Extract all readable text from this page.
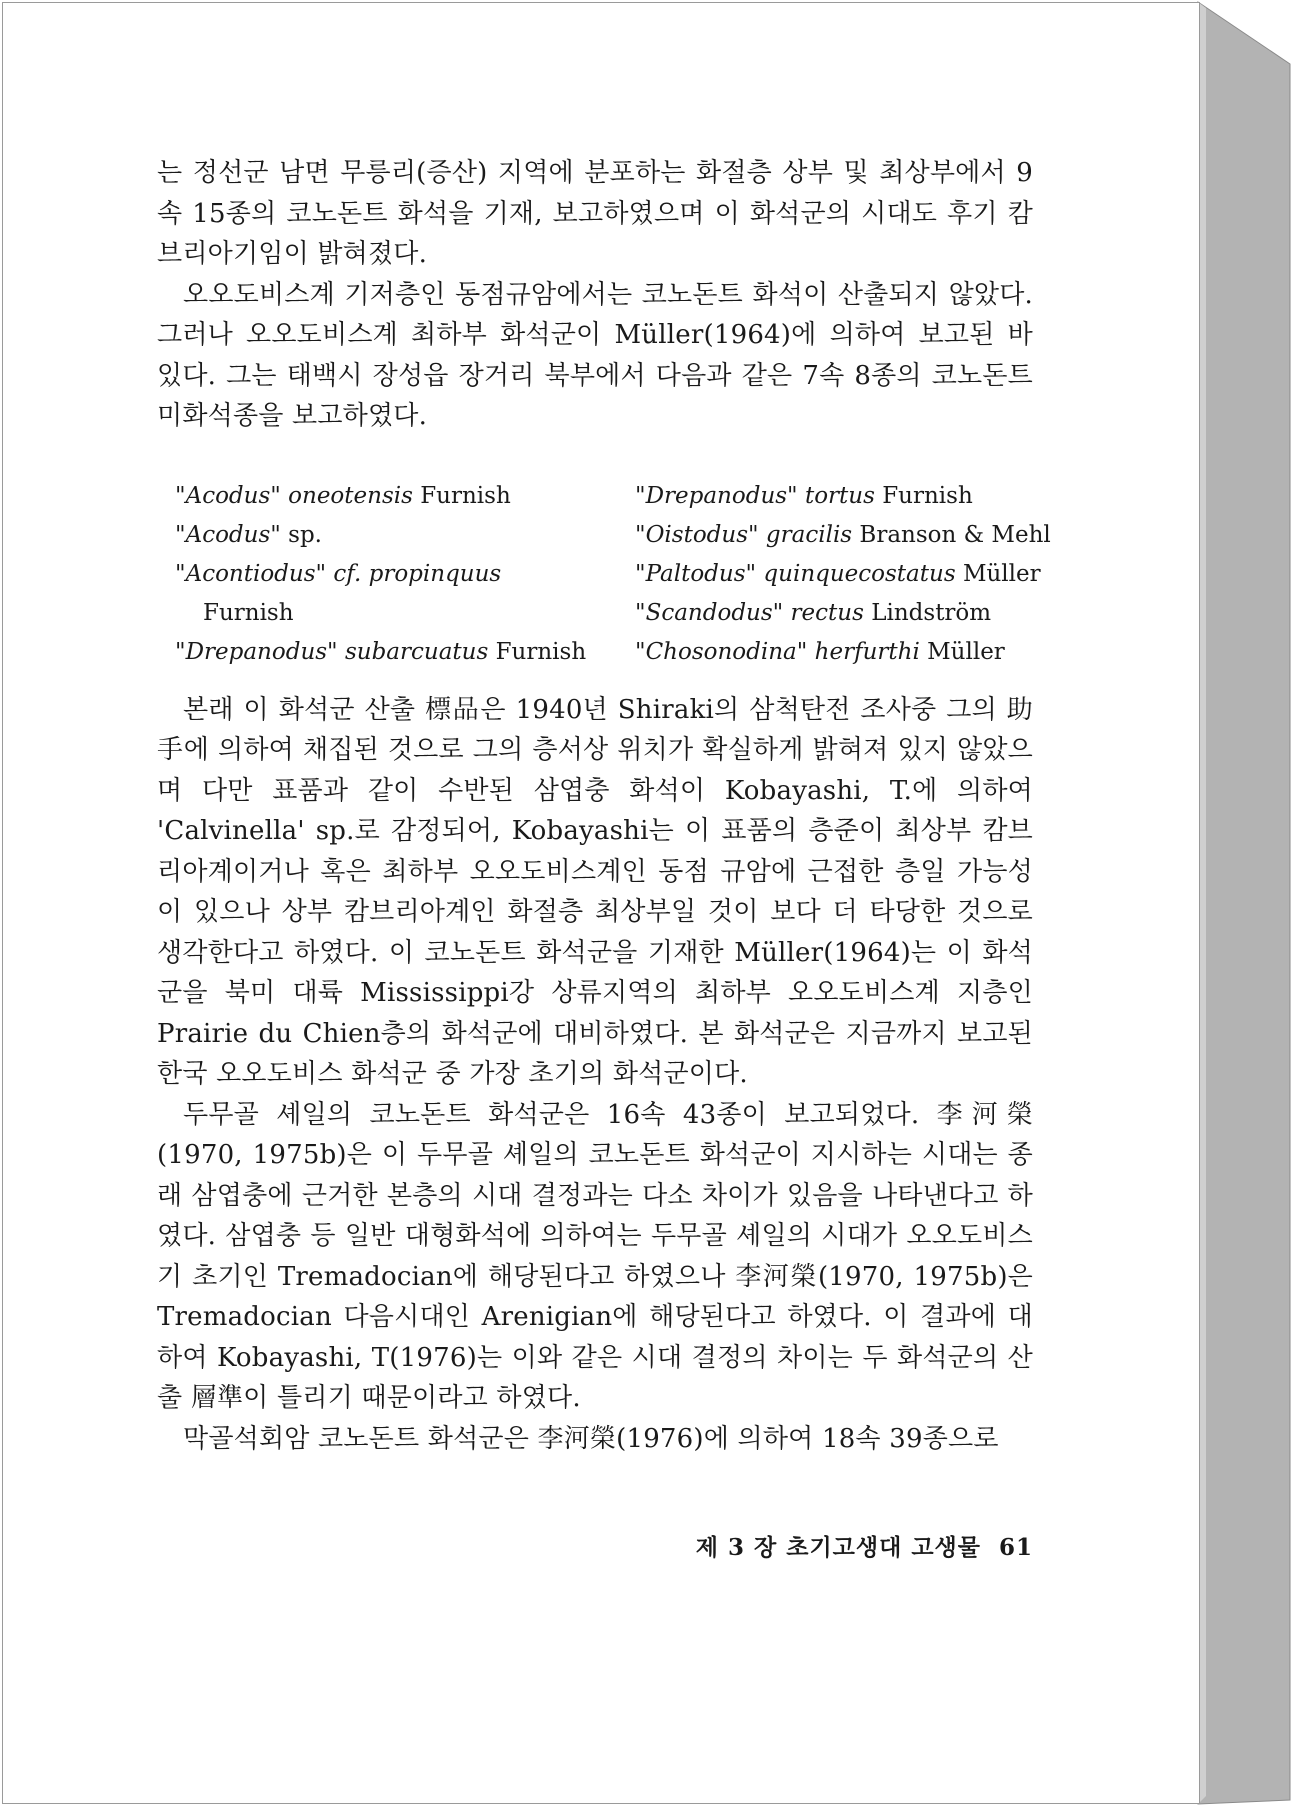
는 정선군 남면 무릉리(증산) 지역에 분포하는 화절층 상부 및 최상부에서 9속 15종의 코노돈트 화석을 기재, 보고하였으며 이 화석군의 시대도 후기 캄브리아기임이 밝혀졌다.

오오도비스계 기저층인 동점규암에서는 코노돈트 화석이 산출되지 않았다. 그러나 오오도비스계 최하부 화석군이 Müller(1964)에 의하여 보고된 바 있다. 그는 태백시 장성읍 장거리 북부에서 다음과 같은 7속 8종의 코노돈트 미화석종을 보고하였다.

"Acodus" oneotensis Furnish
"Acodus" sp.
"Acontiodus" cf. propinquus
Furnish
"Drepanodus" subarcuatus Furnish
"Drepanodus" tortus Furnish
"Oistodus" gracilis Branson & Mehl
"Paltodus" quinquecostatus Müller
"Scandodus" rectus Lindström
"Chosonodina" herfurthi Müller

본래 이 화석군 산출 標品은 1940년 Shiraki의 삼척탄전 조사중 그의 助手에 의하여 채집된 것으로 그의 층서상 위치가 확실하게 밝혀져 있지 않았으며 다만 표품과 같이 수반된 삼엽충 화석이 Kobayashi, T.에 의하여 'Calvinella' sp.로 감정되어, Kobayashi는 이 표품의 층준이 최상부 캄브리아계이거나 혹은 최하부 오오도비스계인 동점 규암에 근접한 층일 가능성이 있으나 상부 캄브리아계인 화절층 최상부일 것이 보다 더 타당한 것으로 생각한다고 하였다. 이 코노돈트 화석군을 기재한 Müller(1964)는 이 화석군을 북미 대륙 Mississippi강 상류지역의 최하부 오오도비스계 지층인 Prairie du Chien층의 화석군에 대비하였다. 본 화석군은 지금까지 보고된 한국 오오도비스 화석군 중 가장 초기의 화석군이다.

두무골 셰일의 코노돈트 화석군은 16속 43종이 보고되었다. 李河榮(1970, 1975b)은 이 두무골 셰일의 코노돈트 화석군이 지시하는 시대는 종래 삼엽충에 근거한 본층의 시대 결정과는 다소 차이가 있음을 나타낸다고 하였다. 삼엽충 등 일반 대형화석에 의하여는 두무골 셰일의 시대가 오오도비스기 초기인 Tremadocian에 해당된다고 하였으나 李河榮(1970, 1975b)은 Tremadocian 다음시대인 Arenigian에 해당된다고 하였다. 이 결과에 대하여 Kobayashi, T(1976)는 이와 같은 시대 결정의 차이는 두 화석군의 산출 層準이 틀리기 때문이라고 하였다.

막골석회암 코노돈트 화석군은 李河榮(1976)에 의하여 18속 39종으로

제 3 장 초기고생대 고생물 61
